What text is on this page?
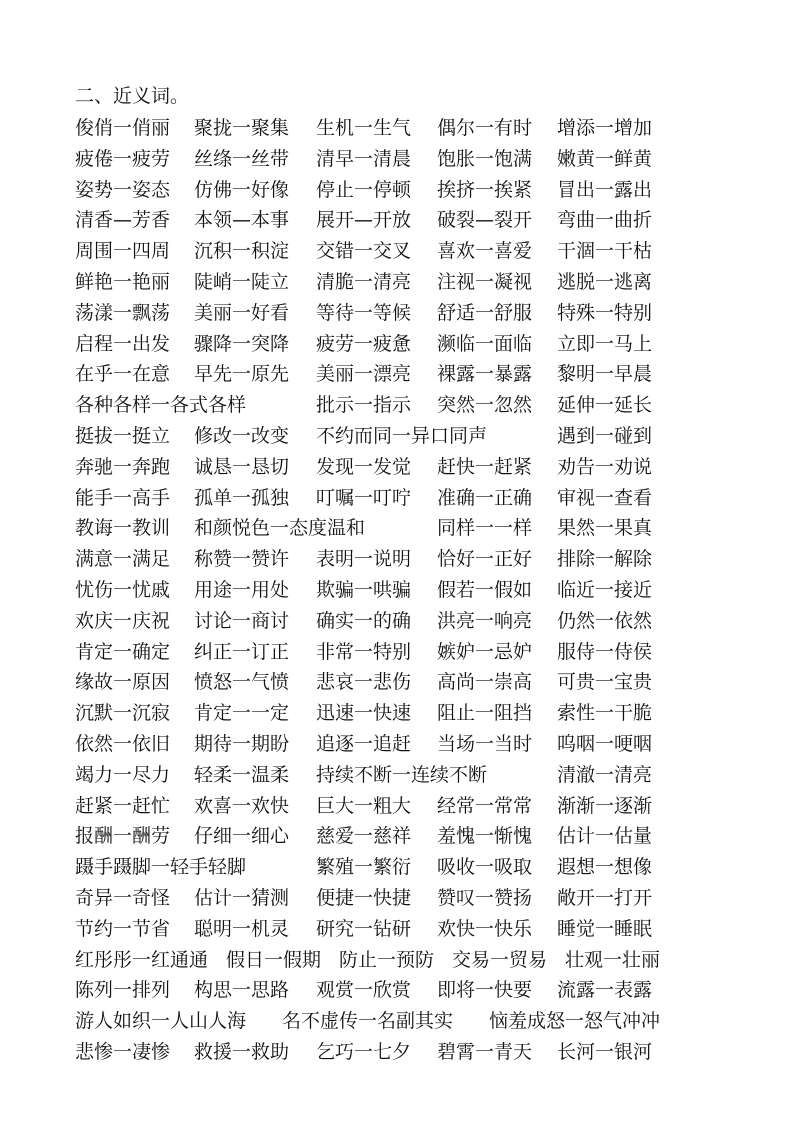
二、近义词。
俊俏一俏丽 聚拢一聚集 生机一生气 偶尔一有时 增添一增加
疲倦一疲劳 丝绦一丝带 清早一清晨 饱胀一饱满 嫩黄一鲜黄
姿势一姿态 仿佛一好像 停止一停顿 挨挤一挨紧 冒出一露出
清香—芳香 本领—本事 展开—开放 破裂—裂开 弯曲一曲折
周围一四周 沉积一积淀 交错一交叉 喜欢一喜爱 干涸一干枯
鲜艳一艳丽 陡峭一陡立 清脆一清亮 注视一凝视 逃脱一逃离
荡漾一飘荡 美丽一好看 等待一等候 舒适一舒服 特殊一特别
启程一出发 骤降一突降 疲劳一疲惫 濒临一面临 立即一马上
在乎一在意 早先一原先 美丽一漂亮 裸露一暴露 黎明一早晨
各种各样一各式各样	批示一指示 突然一忽然 延伸一延长
挺拔一挺立 修改一改变 不约而同一异口同声	遇到一碰到
奔驰一奔跑 诚恳一恳切 发现一发觉 赶快一赶紧 劝告一劝说
能手一高手 孤单一孤独 叮嘱一叮咛 准确一正确 审视一查看
教诲一教训 和颜悦色一态度温和	同样一一样 果然一果真
满意一满足 称赞一赞许 表明一说明 恰好一正好 排除一解除
忧伤一忧戚 用途一用处 欺骗一哄骗 假若一假如 临近一接近
欢庆一庆祝 讨论一商讨 确实一的确 洪亮一响亮 仍然一依然
肯定一确定 纠正一订正 非常一特别 嫉妒一忌妒 服侍一侍侯
缘故一原因 愤怒一气愤 悲哀一悲伤 高尚一崇高 可贵一宝贵
沉默一沉寂 肯定一一定 迅速一快速 阻止一阻挡 索性一干脆
依然一依旧 期待一期盼 追逐一追赶 当场一当时 呜咽一哽咽
竭力一尽力 轻柔一温柔 持续不断一连续不断	清澈一清亮
赶紧一赶忙 欢喜一欢快 巨大一粗大 经常一常常 渐渐一逐渐
报酬一酬劳 仔细一细心 慈爱一慈祥 羞愧一惭愧 估计一估量
蹑手蹑脚一轻手轻脚	繁殖一繁衍 吸收一吸取 遐想一想像
奇异一奇怪 估计一猜测 便捷一快捷 赞叹一赞扬 敞开一打开
节约一节省 聪明一机灵 研究一钻研 欢快一快乐 睡觉一睡眠
红彤彤一红通通 假日一假期 防止一预防 交易一贸易 壮观一壮丽
陈列一排列 构思一思路 观赏一欣赏 即将一快要 流露一表露
游人如织一人山人海 名不虚传一名副其实 恼羞成怒一怒气冲冲
悲惨一凄惨 救援一救助 乞巧一七夕 碧霄一青天 长河一银河
